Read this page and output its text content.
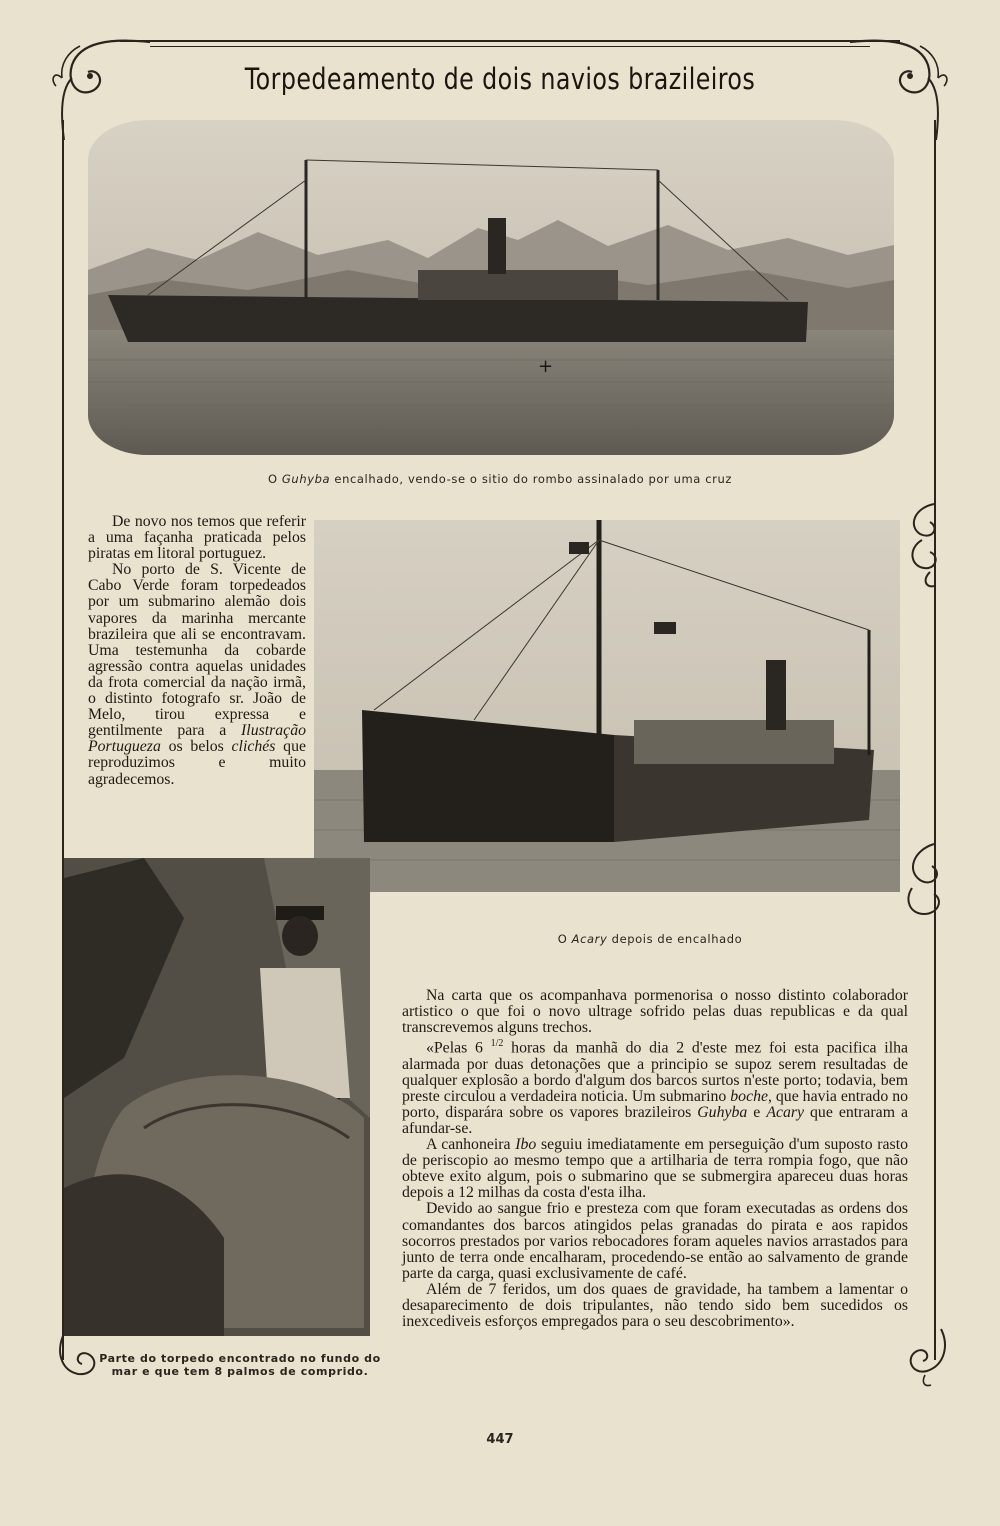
Torpedeamento de dois navios brazileiros
+
O Guhyba encalhado, vendo-se o sitio do rombo assinalado por uma cruz

De novo nos temos que referir a uma façanha praticada pelos piratas em litoral portuguez.

No porto de S. Vicente de Cabo Verde foram torpedeados por um submarino alemão dois vapores da marinha mercante brazileira que ali se encontravam. Uma testemunha da cobarde agressão contra aquelas unidades da frota comercial da nação irmã, o distinto fotografo sr. João de Melo, tirou expressa e gentilmente para a Ilustração Portugueza os belos clichés que reproduzimos e muito agradecemos.

O Acary depois de encalhado
Parte do torpedo encontrado no fundo do
mar e que tem 8 palmos de comprido.

Na carta que os acompanhava pormenorisa o nosso distinto colaborador artistico o que foi o novo ultrage sofrido pelas duas republicas e da qual transcrevemos alguns trechos.

«Pelas 6 $^{1/2}$ horas da manhã do dia 2 d'este mez foi esta pacifica ilha alarmada por duas detonações que a principio se supoz serem resultadas de qualquer explosão a bordo d'algum dos barcos surtos n'este porto; todavia, bem preste circulou a verdadeira noticia. Um submarino boche, que havia entrado no porto, disparára sobre os vapores brazileiros Guhyba e Acary que entraram a afundar-se.

A canhoneira Ibo seguiu imediatamente em perseguição d'um suposto rasto de periscopio ao mesmo tempo que a artilharia de terra rompia fogo, que não obteve exito algum, pois o submarino que se submergira apareceu duas horas depois a 12 milhas da costa d'esta ilha.

Devido ao sangue frio e presteza com que foram executadas as ordens dos comandantes dos barcos atingidos pelas granadas do pirata e aos rapidos socorros prestados por varios rebocadores foram aqueles navios arrastados para junto de terra onde encalharam, procedendo-se então ao salvamento de grande parte da carga, quasi exclusivamente de café.

Além de 7 feridos, um dos quaes de gravidade, ha tambem a lamentar o desaparecimento de dois tripulantes, não tendo sido bem sucedidos os inexcediveis esforços empregados para o seu descobrimento».

447
